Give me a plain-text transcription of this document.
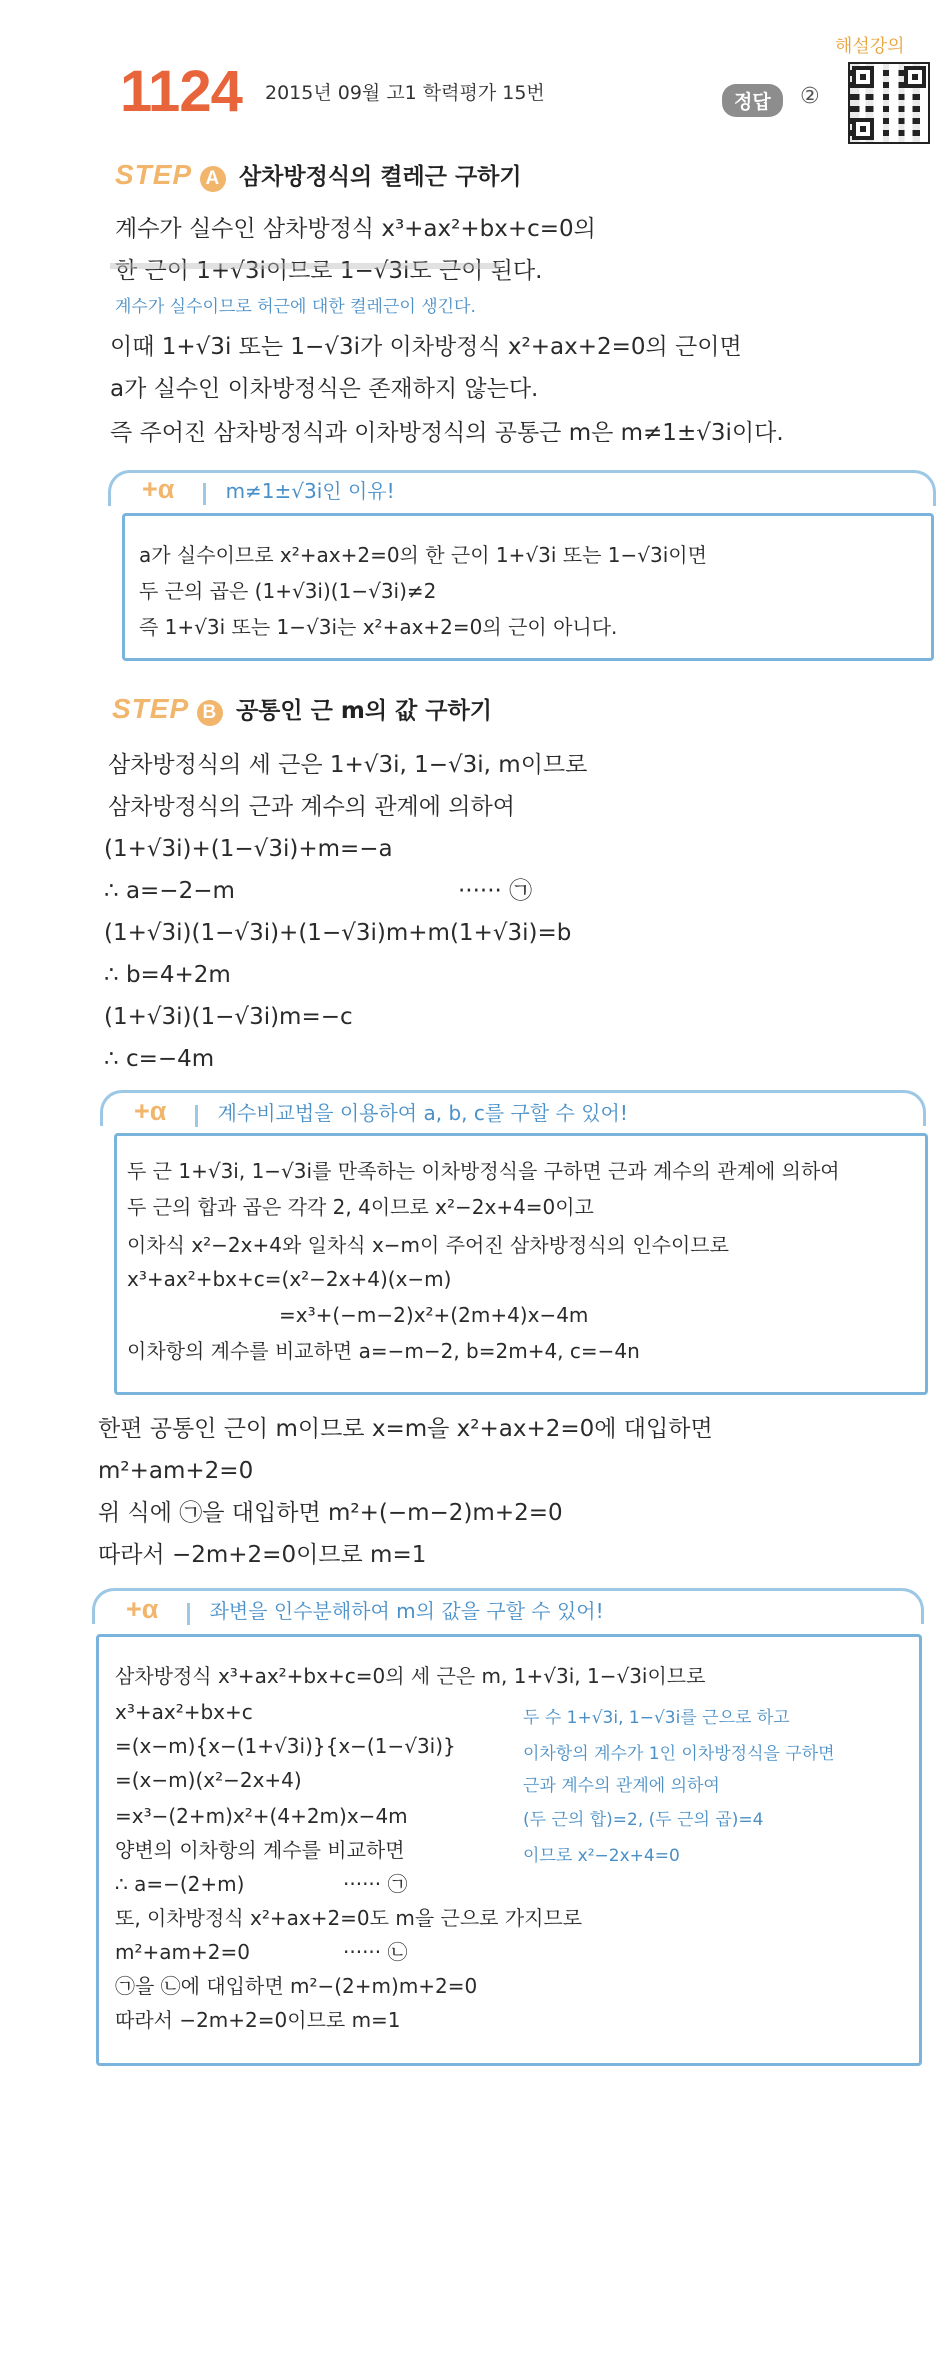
1124 2015년 09월 고1 학력평가 15번	정답	②
해설강의
STEP A 삼차방정식의 켤레근 구하기
계수가 실수인 삼차방정식 x³+ax²+bx+c=0의
한 근이 1+√3i이므로 1−√3i도 근이 된다.
계수가 실수이므로 허근에 대한 켤레근이 생긴다.
이때 1+√3i 또는 1−√3i가 이차방정식 x²+ax+2=0의 근이면
a가 실수인 이차방정식은 존재하지 않는다.
즉 주어진 삼차방정식과 이차방정식의 공통근 m은 m≠1±√3i이다.
+α	m≠1±√3i인 이유!
a가 실수이므로 x²+ax+2=0의 한 근이 1+√3i 또는 1−√3i이면
두 근의 곱은 (1+√3i)(1−√3i)≠2
즉 1+√3i 또는 1−√3i는 x²+ax+2=0의 근이 아니다.
STEP B 공통인 근 m의 값 구하기
삼차방정식의 세 근은 1+√3i, 1−√3i, m이므로
삼차방정식의 근과 계수의 관계에 의하여
(1+√3i)+(1−√3i)+m=−a
∴ a=−2−m	······ ㉠
(1+√3i)(1−√3i)+(1−√3i)m+m(1+√3i)=b
∴ b=4+2m
(1+√3i)(1−√3i)m=−c
∴ c=−4m
+α	계수비교법을 이용하여 a, b, c를 구할 수 있어!
두 근 1+√3i, 1−√3i를 만족하는 이차방정식을 구하면 근과 계수의 관계에 의하여
두 근의 합과 곱은 각각 2, 4이므로 x²−2x+4=0이고
이차식 x²−2x+4와 일차식 x−m이 주어진 삼차방정식의 인수이므로
x³+ax²+bx+c=(x²−2x+4)(x−m)
=x³+(−m−2)x²+(2m+4)x−4m
이차항의 계수를 비교하면 a=−m−2, b=2m+4, c=−4n
한편 공통인 근이 m이므로 x=m을 x²+ax+2=0에 대입하면
m²+am+2=0
위 식에 ㉠을 대입하면 m²+(−m−2)m+2=0
따라서 −2m+2=0이므로 m=1
+α	좌변을 인수분해하여 m의 값을 구할 수 있어!
삼차방정식 x³+ax²+bx+c=0의 세 근은 m, 1+√3i, 1−√3i이므로
x³+ax²+bx+c
=(x−m){x−(1+√3i)}{x−(1−√3i)}
=(x−m)(x²−2x+4)
=x³−(2+m)x²+(4+2m)x−4m
양변의 이차항의 계수를 비교하면
∴ a=−(2+m)	······ ㉠
또, 이차방정식 x²+ax+2=0도 m을 근으로 가지므로
m²+am+2=0	······ ㉡
㉠을 ㉡에 대입하면 m²−(2+m)m+2=0
따라서 −2m+2=0이므로 m=1
두 수 1+√3i, 1−√3i를 근으로 하고
이차항의 계수가 1인 이차방정식을 구하면
근과 계수의 관계에 의하여
(두 근의 합)=2, (두 근의 곱)=4
이므로 x²−2x+4=0
